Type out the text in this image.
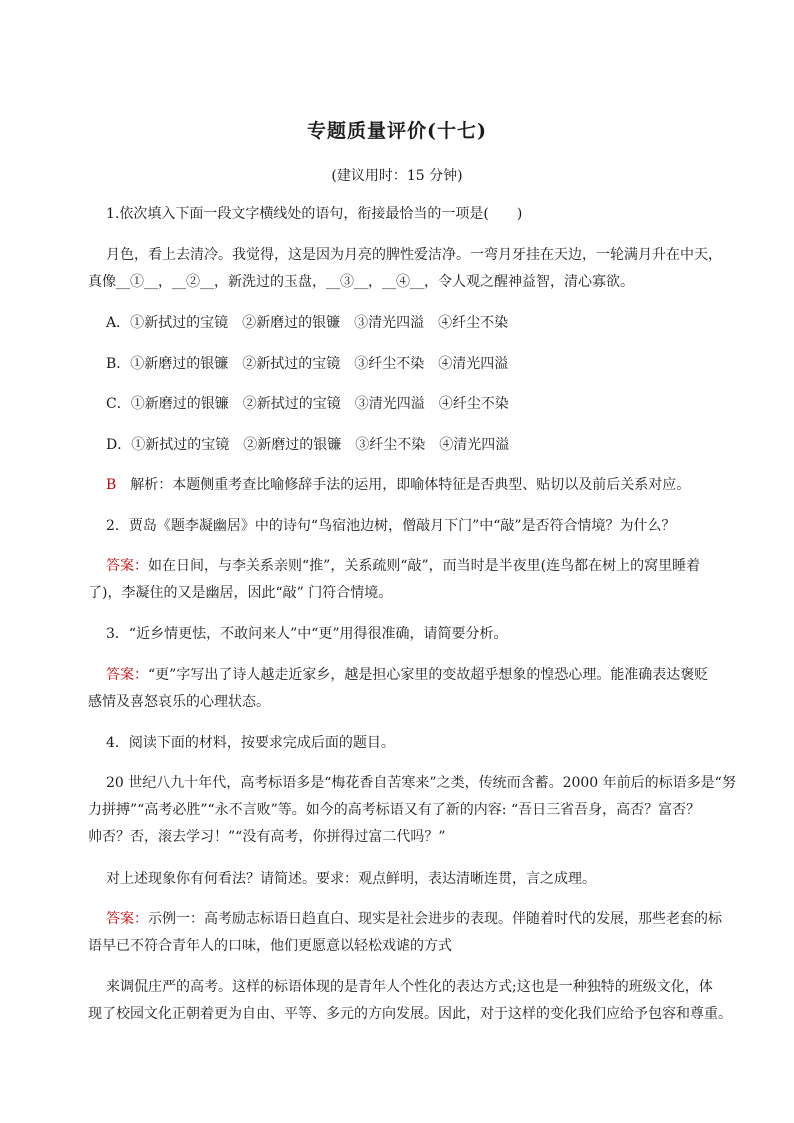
专题质量评价(十七)
(建议用时：15 分钟)
1.依次填入下面一段文字横线处的语句，衔接最恰当的一项是(　　)
月色，看上去清冷。我觉得，这是因为月亮的脾性爱洁净。一弯月牙挂在天边，一轮满月升在中天，
真像__①__，__②__，新洗过的玉盘，__③__，__④__，令人观之醒神益智，清心寡欲。
A．①新拭过的宝镜　②新磨过的银镰　③清光四溢　④纤尘不染
B．①新磨过的银镰　②新拭过的宝镜　③纤尘不染　④清光四溢
C．①新磨过的银镰　②新拭过的宝镜　③清光四溢　④纤尘不染
D．①新拭过的宝镜　②新磨过的银镰　③纤尘不染　④清光四溢
B　解析：本题侧重考查比喻修辞手法的运用，即喻体特征是否典型、贴切以及前后关系对应。
2．贾岛《题李凝幽居》中的诗句“鸟宿池边树，僧敲月下门”中“敲”是否符合情境？为什么？
答案：如在日间，与李关系亲则“推”，关系疏则“敲”，而当时是半夜里(连鸟都在树上的窝里睡着
了)，李凝住的又是幽居，因此“敲” 门符合情境。
3．“近乡情更怯，不敢问来人”中“更”用得很准确，请简要分析。
答案：“更”字写出了诗人越走近家乡，越是担心家里的变故超乎想象的惶恐心理。能准确表达褒贬
感情及喜怒哀乐的心理状态。
4．阅读下面的材料，按要求完成后面的题目。
20 世纪八九十年代，高考标语多是“梅花香自苦寒来”之类，传统而含蓄。2000 年前后的标语多是“努
力拼搏”“高考必胜”“永不言败”等。如今的高考标语又有了新的内容: “吾日三省吾身，高否？富否？
帅否？否，滚去学习！”“没有高考，你拼得过富二代吗？”
对上述现象你有何看法？请简述。要求：观点鲜明，表达清晰连贯，言之成理。
答案：示例一：高考励志标语日趋直白、现实是社会进步的表现。伴随着时代的发展，那些老套的标
语早已不符合青年人的口味，他们更愿意以轻松戏谑的方式
来调侃庄严的高考。这样的标语体现的是青年人个性化的表达方式;这也是一种独特的班级文化，体
现了校园文化正朝着更为自由、平等、多元的方向发展。因此，对于这样的变化我们应给予包容和尊重。
